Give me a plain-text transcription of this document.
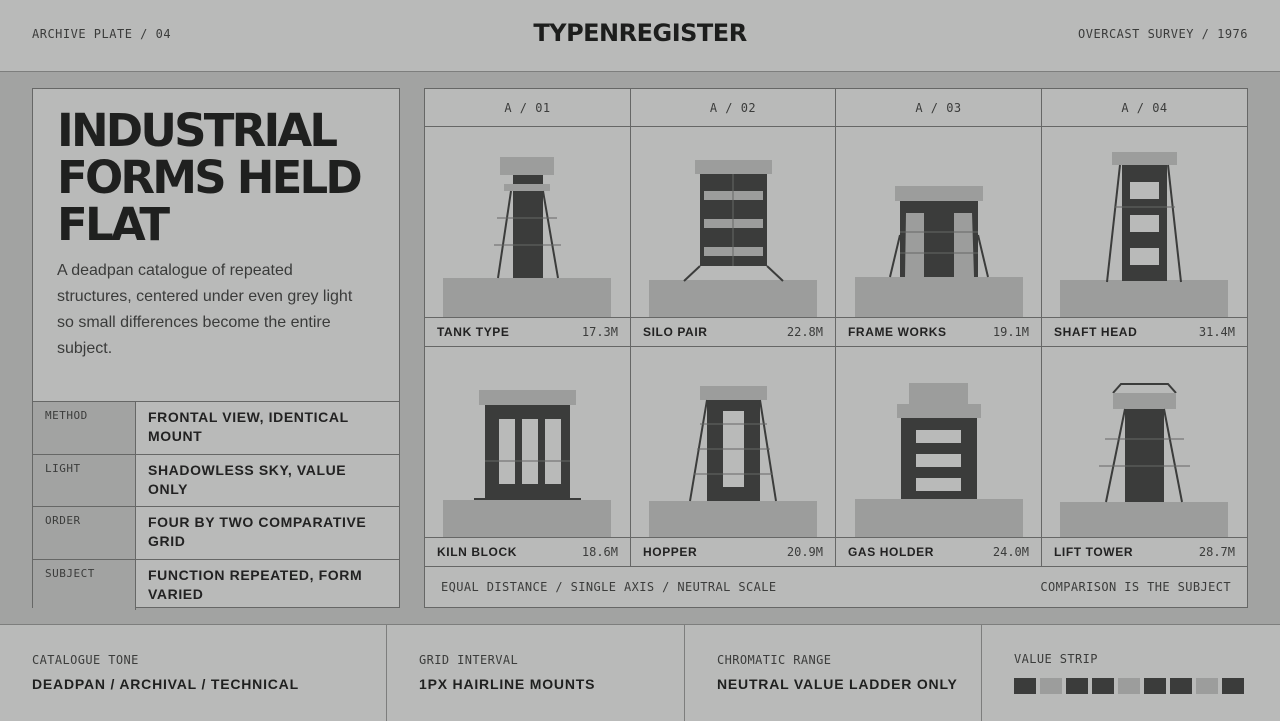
ARCHIVE PLATE / 04	TYPENREGISTER	OVERCAST SURVEY / 1976
INDUSTRIAL
FORMS HELD
FLAT
A deadpan catalogue of repeated structures, centered under even grey light so small differences become the entire subject.
METHOD	FRONTAL VIEW, IDENTICAL MOUNT
LIGHT	SHADOWLESS SKY, VALUE ONLY
ORDER	FOUR BY TWO COMPARATIVE GRID
SUBJECT	FUNCTION REPEATED, FORM VARIED
A / 01	A / 02	A / 03	A / 04
TANK TYPE	17.3M SILO PAIR	22.8M FRAME WORKS	19.1M SHAFT HEAD	31.4M
KILN BLOCK	18.6M HOPPER	20.9M GAS HOLDER	24.0M LIFT TOWER	28.7M
EQUAL DISTANCE / SINGLE AXIS / NEUTRAL SCALE	COMPARISON IS THE SUBJECT
CATALOGUE TONE
DEADPAN / ARCHIVAL / TECHNICAL
GRID INTERVAL
1PX HAIRLINE MOUNTS
CHROMATIC RANGE
NEUTRAL VALUE LADDER ONLY
VALUE STRIP
